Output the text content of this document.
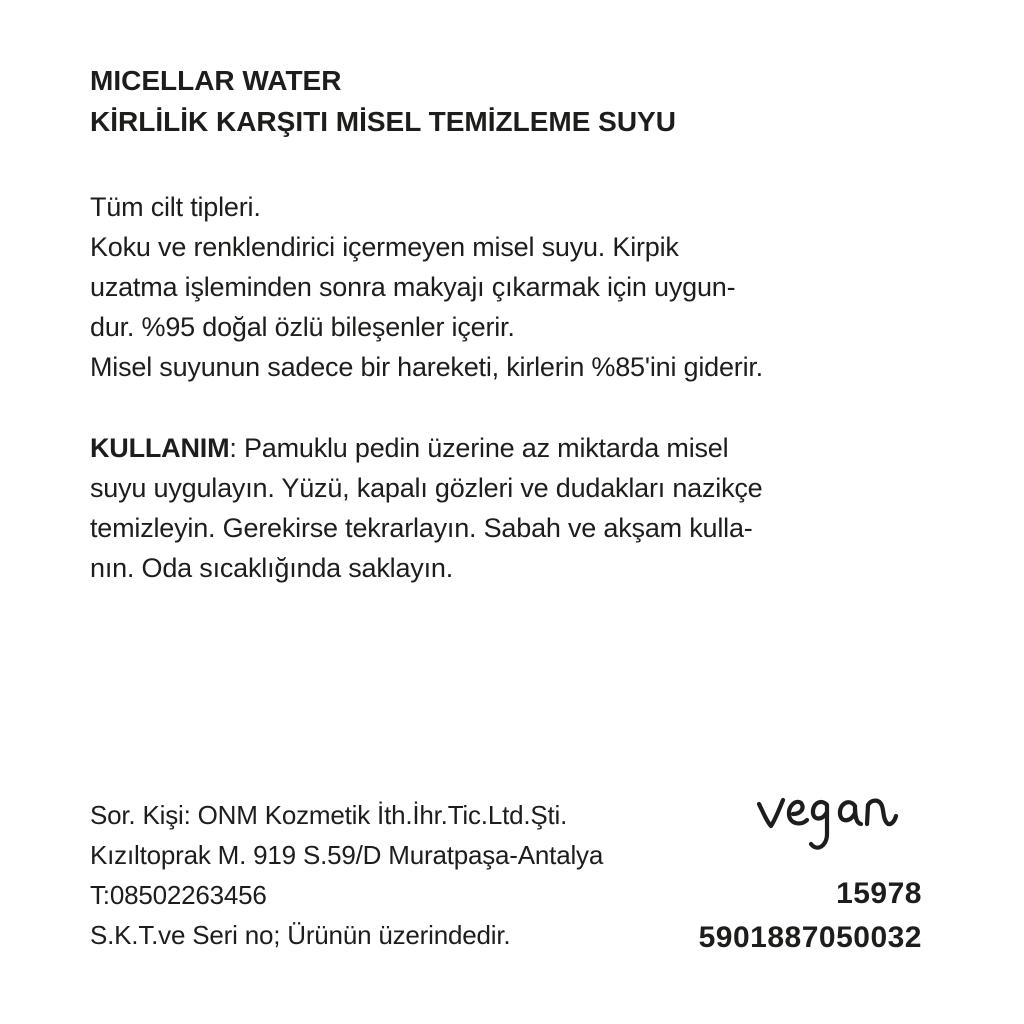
MICELLAR WATER
KİRLİLİK KARŞITI MİSEL TEMİZLEME SUYU
Tüm cilt tipleri.
Koku ve renklendirici içermeyen misel suyu. Kirpik
uzatma işleminden sonra makyajı çıkarmak için uygun-
dur. %95 doğal özlü bileşenler içerir.
Misel suyunun sadece bir hareketi, kirlerin %85'ini giderir.
KULLANIM: Pamuklu pedin üzerine az miktarda misel
suyu uygulayın. Yüzü, kapalı gözleri ve dudakları nazikçe
temizleyin. Gerekirse tekrarlayın. Sabah ve akşam kulla-
nın. Oda sıcaklığında saklayın.
Sor. Kişi: ONM Kozmetik İth.İhr.Tic.Ltd.Şti.
Kızıltoprak M. 919 S.59/D Muratpaşa-Antalya
T:08502263456
S.K.T.ve Seri no; Ürünün üzerindedir.
15978
5901887050032
